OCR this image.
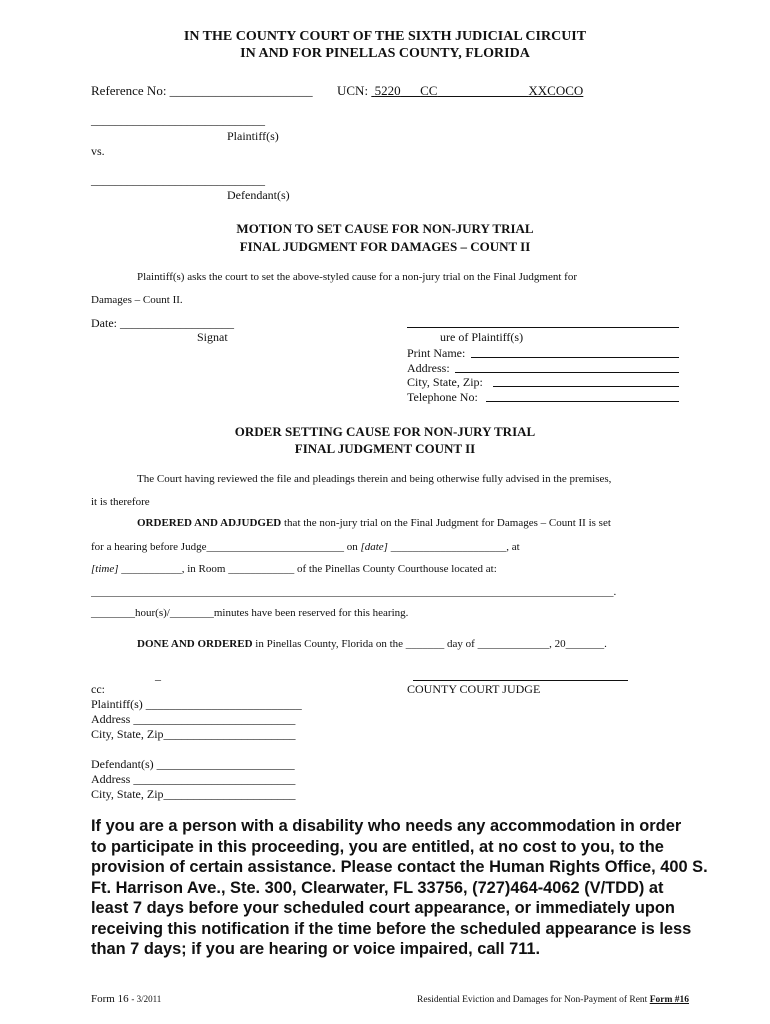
IN THE COUNTY COURT OF THE SIXTH JUDICIAL CIRCUIT
IN AND FOR PINELLAS COUNTY, FLORIDA
Reference No: ______________________ UCN: 5220 CC	XXCOCO
_____________________________
Plaintiff(s)
vs.
_____________________________
Defendant(s)
MOTION TO SET CAUSE FOR NON-JURY TRIAL
FINAL JUDGMENT FOR DAMAGES – COUNT II
Plaintiff(s) asks the court to set the above-styled cause for a non-jury trial on the Final Judgment for
Damages – Count II.
Date: ___________________
Signat	ure of Plaintiff(s)
Print Name:
Address:
City, State, Zip:
Telephone No:
ORDER SETTING CAUSE FOR NON-JURY TRIAL
FINAL JUDGMENT COUNT II
The Court having reviewed the file and pleadings therein and being otherwise fully advised in the premises,
it is therefore
ORDERED AND ADJUDGED that the non-jury trial on the Final Judgment for Damages – Count II is set
for a hearing before Judge_________________________ on [date] _____________________, at
[time] ___________, in Room ____________ of the Pinellas County Courthouse located at:
_______________________________________________________________________________________________.
________hour(s)/________minutes have been reserved for this hearing.
DONE AND ORDERED in Pinellas County, Florida on the _______ day of _____________, 20_______.
_
COUNTY COURT JUDGE
cc:
Plaintiff(s) __________________________
Address ___________________________
City, State, Zip______________________
Defendant(s) _______________________
Address ___________________________
City, State, Zip______________________
If you are a person with a disability who needs any accommodation in order
to participate in this proceeding, you are entitled, at no cost to you, to the
provision of certain assistance. Please contact the Human Rights Office, 400 S.
Ft. Harrison Ave., Ste. 300, Clearwater, FL 33756, (727)464-4062 (V/TDD) at
least 7 days before your scheduled court appearance, or immediately upon
receiving this notification if the time before the scheduled appearance is less
than 7 days; if you are hearing or voice impaired, call 711.
Form 16 - 3/2011	Residential Eviction and Damages for Non-Payment of Rent Form #16
